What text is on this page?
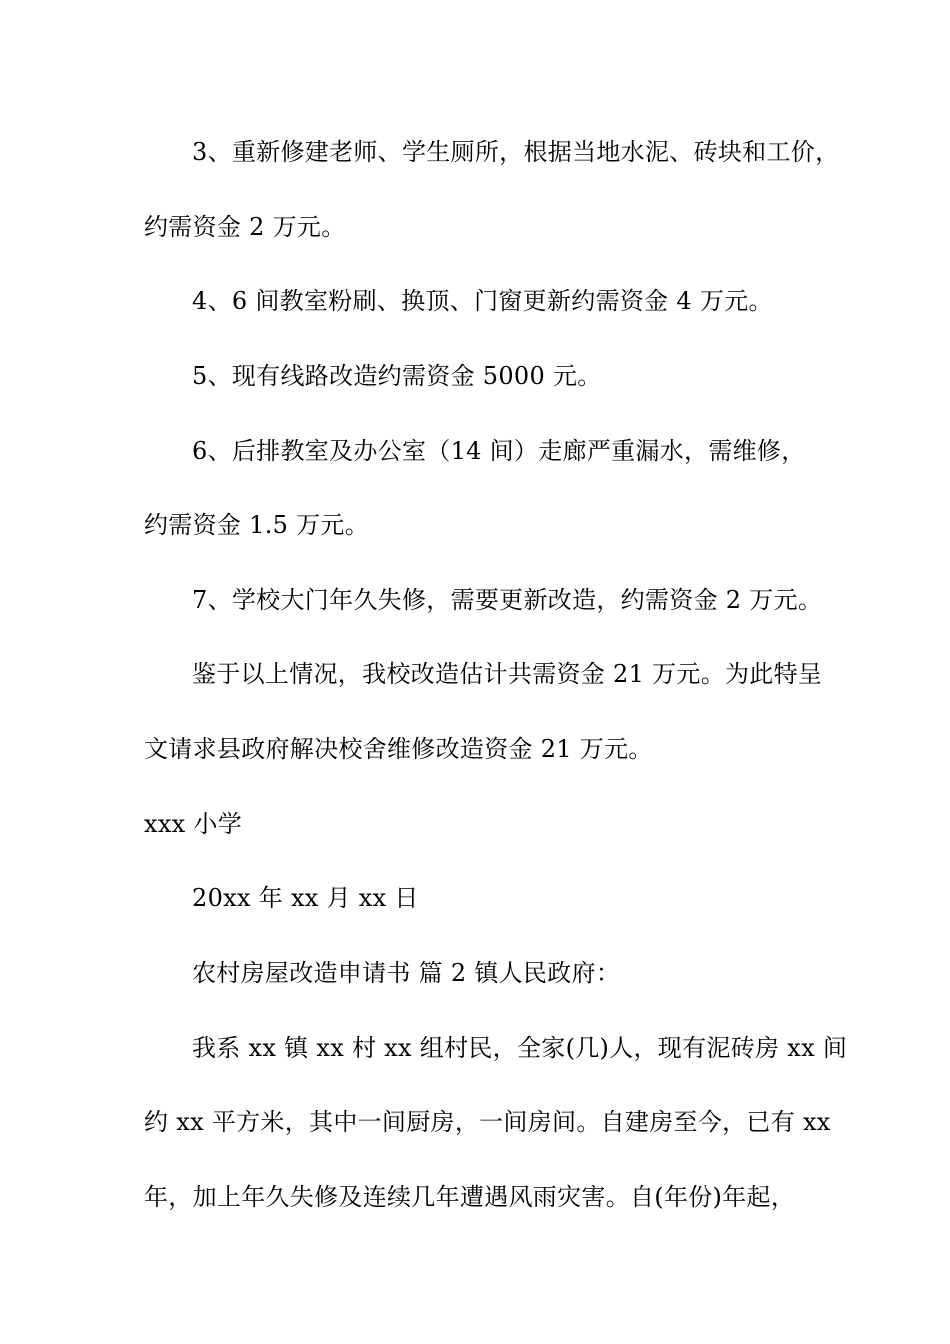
3、重新修建老师、学生厕所，根据当地水泥、砖块和工价，
约需资金 2 万元。
4、6 间教室粉刷、换顶、门窗更新约需资金 4 万元。
5、现有线路改造约需资金 5000 元。
6、后排教室及办公室（14 间）走廊严重漏水，需维修，
约需资金 1.5 万元。
7、学校大门年久失修，需要更新改造，约需资金 2 万元。
鉴于以上情况，我校改造估计共需资金 21 万元。为此特呈
文请求县政府解决校舍维修改造资金 21 万元。
xxx 小学
20xx 年 xx 月 xx 日
农村房屋改造申请书 篇 2 镇人民政府：
我系 xx 镇 xx 村 xx 组村民，全家(几)人，现有泥砖房 xx 间
约 xx 平方米，其中一间厨房，一间房间。自建房至今，已有 xx
年，加上年久失修及连续几年遭遇风雨灾害。自(年份)年起，
